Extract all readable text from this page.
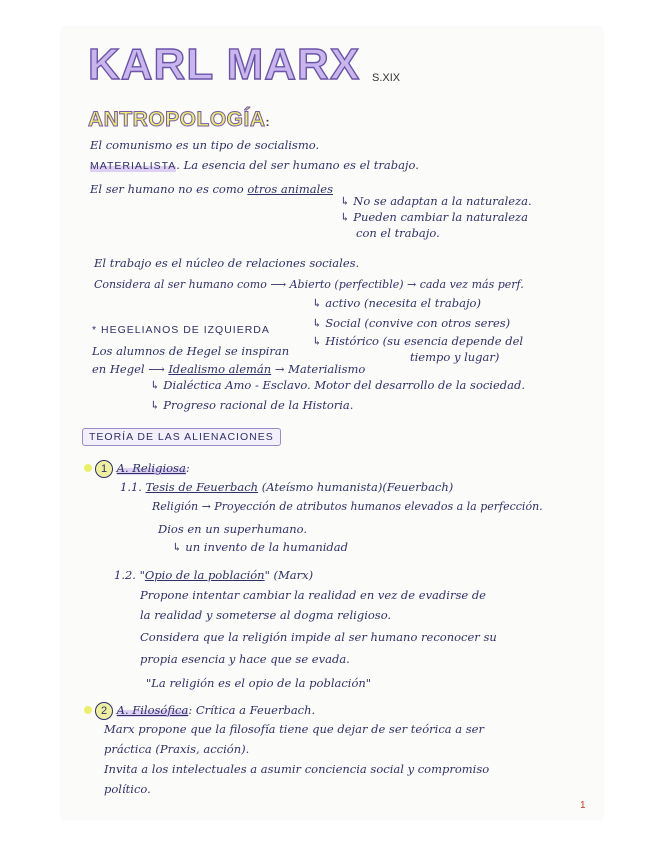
KARL MARX S.XIX
ANTROPOLOGÍA:
El comunismo es un tipo de socialismo.
MATERIALISTA. La esencia del ser humano es el trabajo.
El ser humano no es como otros animales
↳ No se adaptan a la naturaleza.
↳ Pueden cambiar la naturaleza
con el trabajo.
El trabajo es el núcleo de relaciones sociales.
Considera al ser humano como ⟶ Abierto (perfectible) → cada vez más perf.
↳ activo (necesita el trabajo)
↳ Social (convive con otros seres)
↳ Histórico (su esencia depende del
tiempo y lugar)
* HEGELIANOS DE IZQUIERDA
Los alumnos de Hegel se inspiran
en Hegel ⟶ Idealismo alemán → Materialismo
↳ Dialéctica Amo - Esclavo. Motor del desarrollo de la sociedad.
↳ Progreso racional de la Historia.
TEORÍA DE LAS ALIENACIONES
1 A. Religiosa:
1.1. Tesis de Feuerbach (Ateísmo humanista)(Feuerbach)
Religión → Proyección de atributos humanos elevados a la perfección.
Dios en un superhumano.
↳ un invento de la humanidad
1.2. "Opio de la población" (Marx)
Propone intentar cambiar la realidad en vez de evadirse de
la realidad y someterse al dogma religioso.
Considera que la religión impide al ser humano reconocer su
propia esencia y hace que se evada.
"La religión es el opio de la población"
2 A. Filosófica: Crítica a Feuerbach.
Marx propone que la filosofía tiene que dejar de ser teórica a ser
práctica (Praxis, acción).
Invita a los intelectuales a asumir conciencia social y compromiso
político.
1
